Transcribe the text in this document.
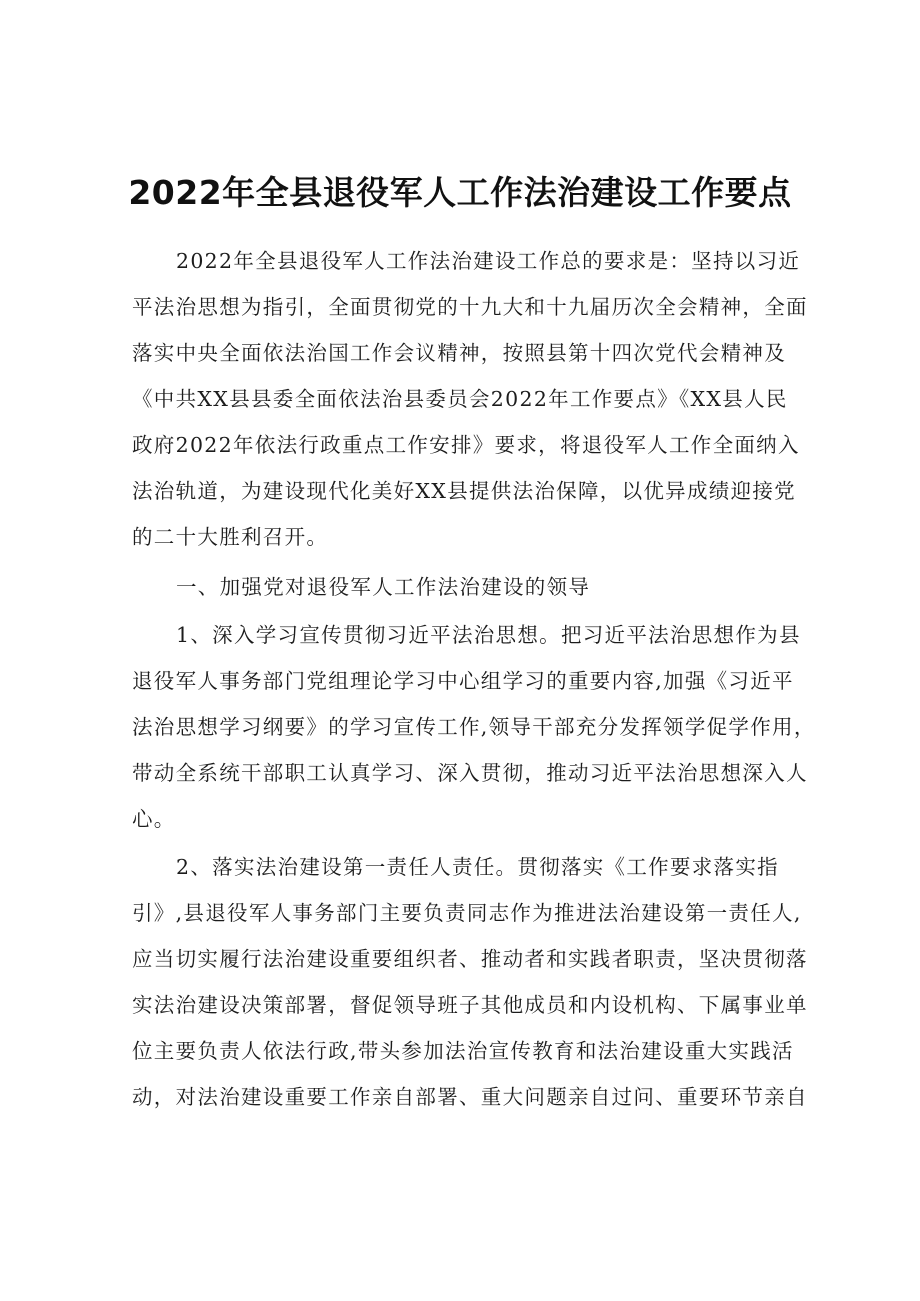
2022年全县退役军人工作法治建设工作要点

2022年全县退役军人工作法治建设工作总的要求是：坚持以习近

平法治思想为指引，全面贯彻党的十九大和十九届历次全会精神，全面

落实中央全面依法治国工作会议精神，按照县第十四次党代会精神及

《中共XX县县委全面依法治县委员会2022年工作要点》《XX县人民

政府2022年依法行政重点工作安排》要求，将退役军人工作全面纳入

法治轨道，为建设现代化美好XX县提供法治保障，以优异成绩迎接党

的二十大胜利召开。

一、加强党对退役军人工作法治建设的领导

1、深入学习宣传贯彻习近平法治思想。把习近平法治思想作为县

退役军人事务部门党组理论学习中心组学习的重要内容,加强《习近平

法治思想学习纲要》的学习宣传工作,领导干部充分发挥领学促学作用，

带动全系统干部职工认真学习、深入贯彻，推动习近平法治思想深入人

心。

2、落实法治建设第一责任人责任。贯彻落实《工作要求落实指

引》,县退役军人事务部门主要负责同志作为推进法治建设第一责任人,

应当切实履行法治建设重要组织者、推动者和实践者职责，坚决贯彻落

实法治建设决策部署，督促领导班子其他成员和内设机构、下属事业单

位主要负责人依法行政,带头参加法治宣传教育和法治建设重大实践活

动，对法治建设重要工作亲自部署、重大问题亲自过问、重要环节亲自
